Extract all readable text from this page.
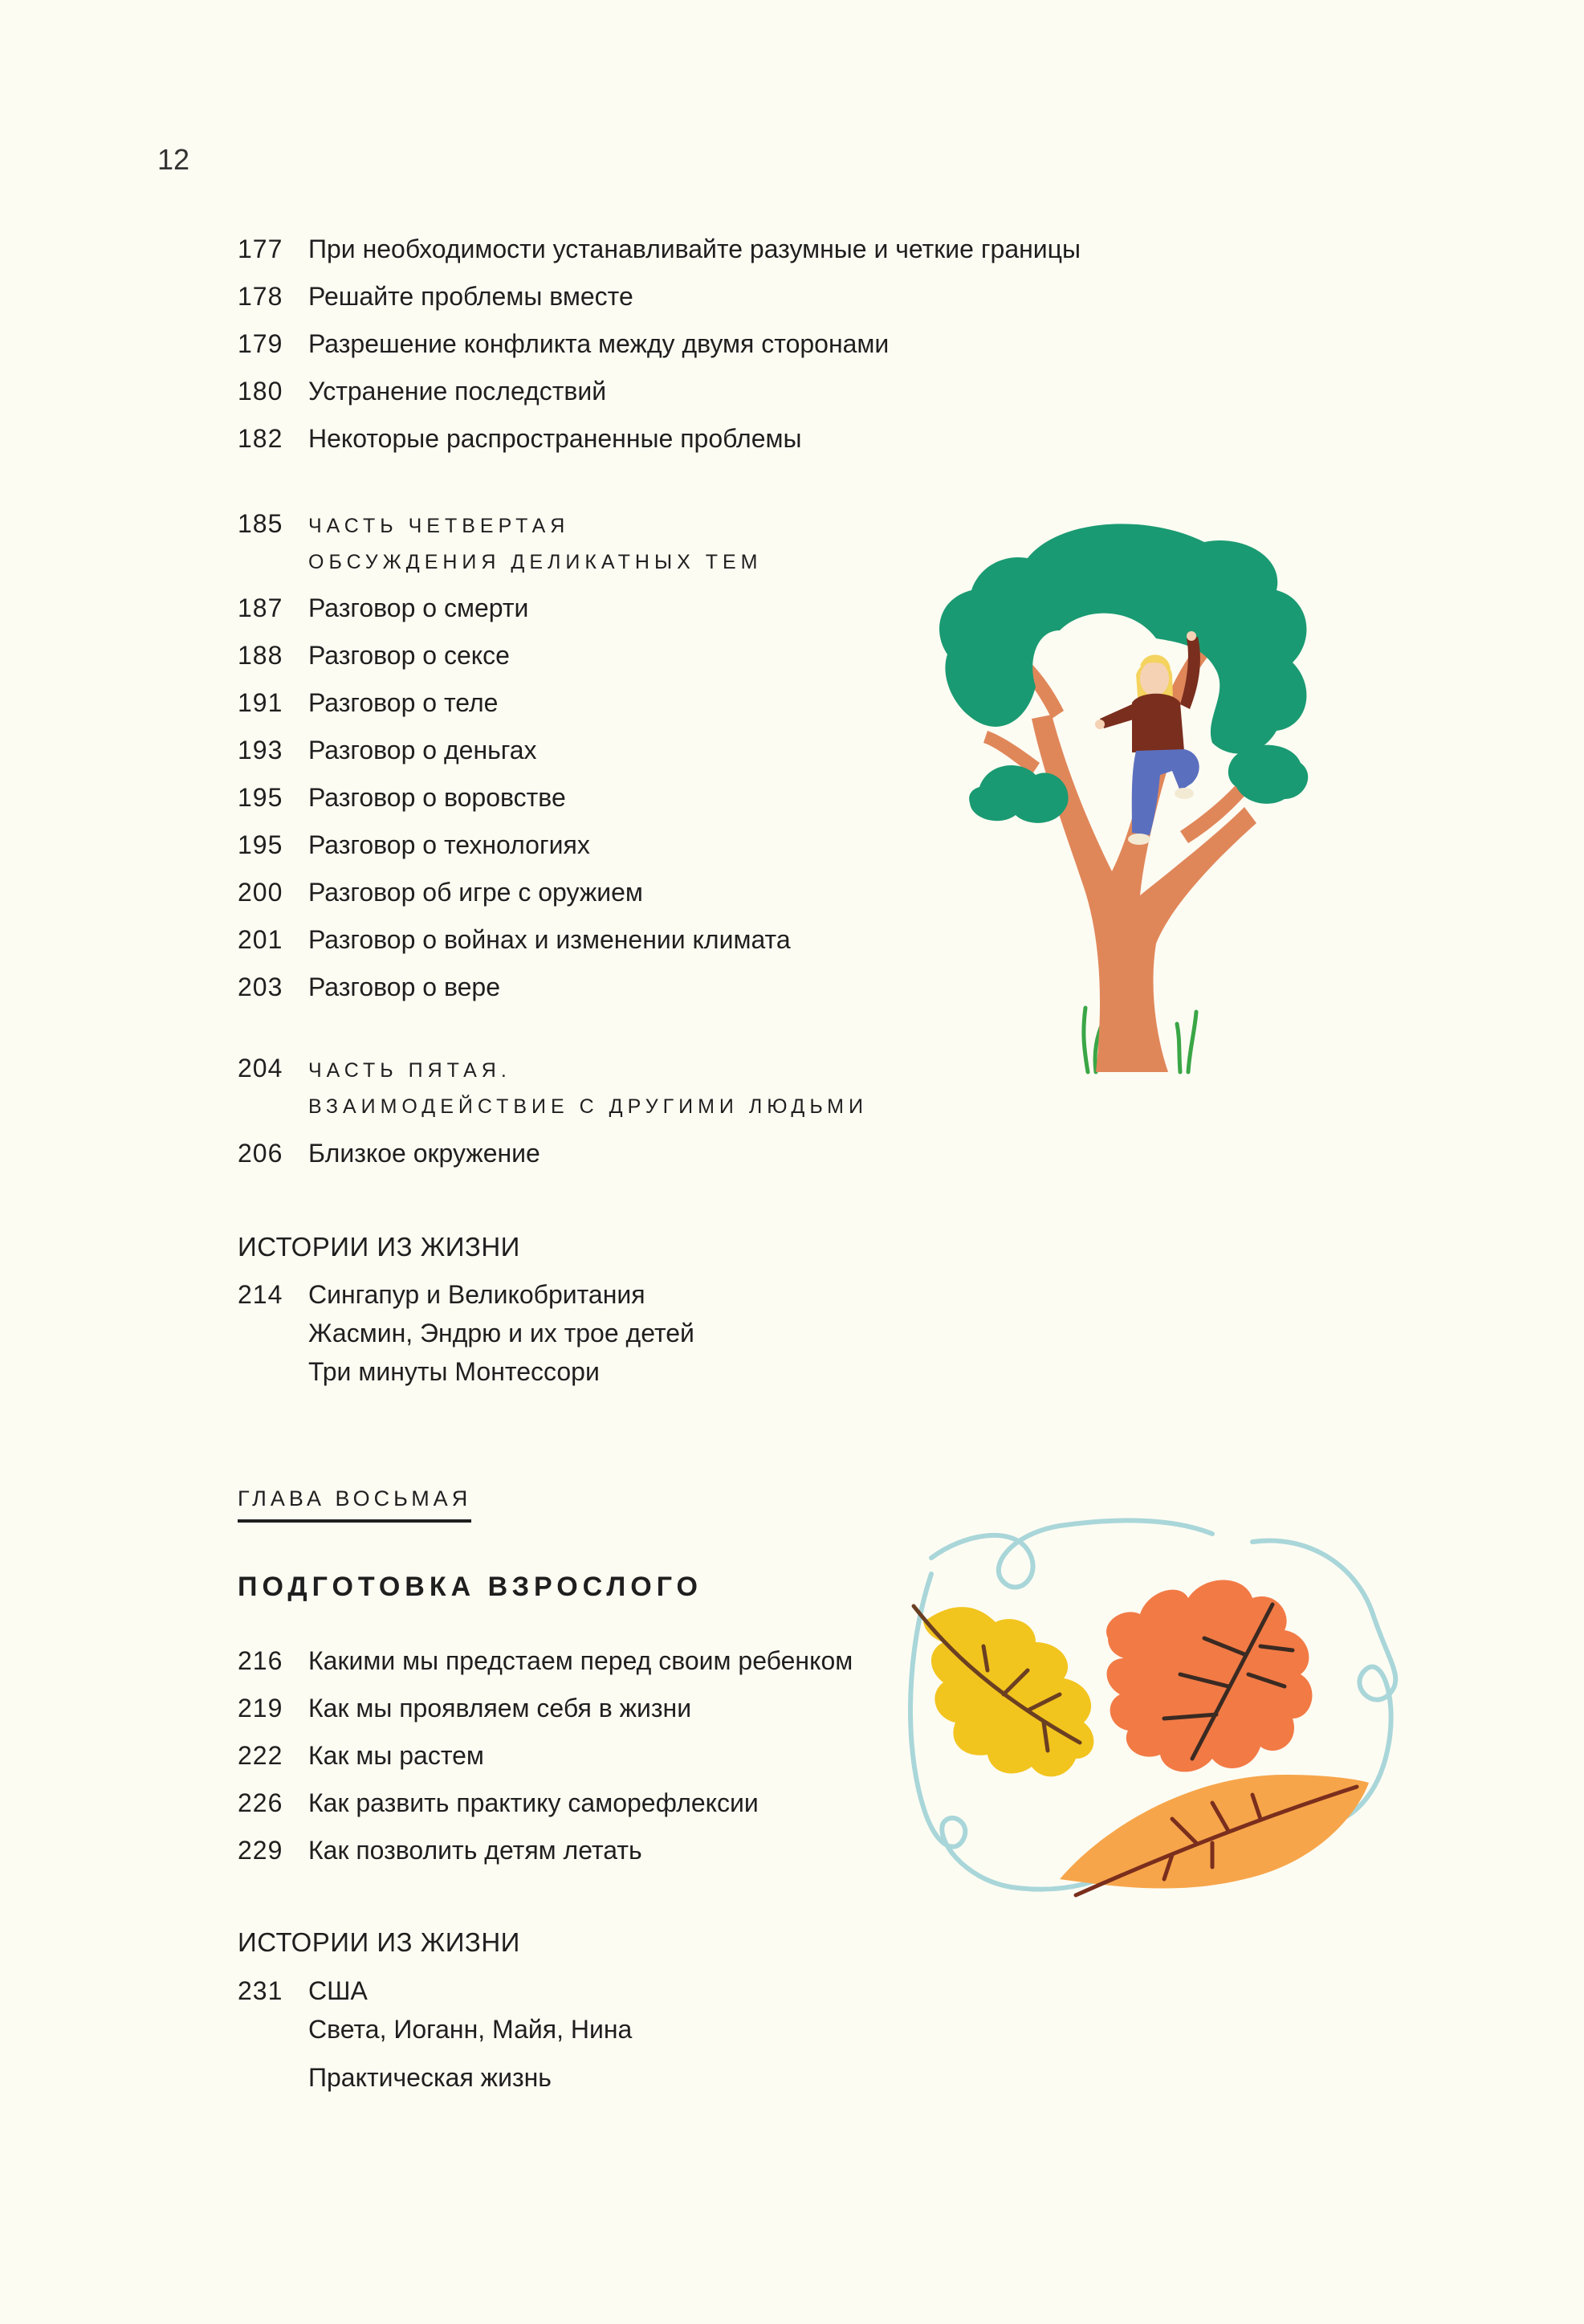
12
177 При необходимости устанавливайте разумные и четкие границы
178 Решайте проблемы вместе
179 Разрешение конфликта между двумя сторонами
180 Устранение последствий
182 Некоторые распространенные проблемы
185 ЧАСТЬ ЧЕТВЕРТАЯ
ОБСУЖДЕНИЯ ДЕЛИКАТНЫХ ТЕМ
187 Разговор о смерти
188 Разговор о сексе
191 Разговор о теле
193 Разговор о деньгах
195 Разговор о воровстве
195 Разговор о технологиях
200 Разговор об игре с оружием
201 Разговор о войнах и изменении климата
203 Разговор о вере
204 ЧАСТЬ ПЯТАЯ.
ВЗАИМОДЕЙСТВИЕ С ДРУГИМИ ЛЮДЬМИ
206 Близкое окружение
ИСТОРИИ ИЗ ЖИЗНИ
214 Сингапур и Великобритания
Жасмин, Эндрю и их трое детей
Три минуты Монтессори
ГЛАВА ВОСЬМАЯ
ПОДГОТОВКА ВЗРОСЛОГО
216 Какими мы предстаем перед своим ребенком
219 Как мы проявляем себя в жизни
222 Как мы растем
226 Как развить практику саморефлексии
229 Как позволить детям летать
ИСТОРИИ ИЗ ЖИЗНИ
231 США
Света, Иоганн, Майя, Нина
Практическая жизнь
